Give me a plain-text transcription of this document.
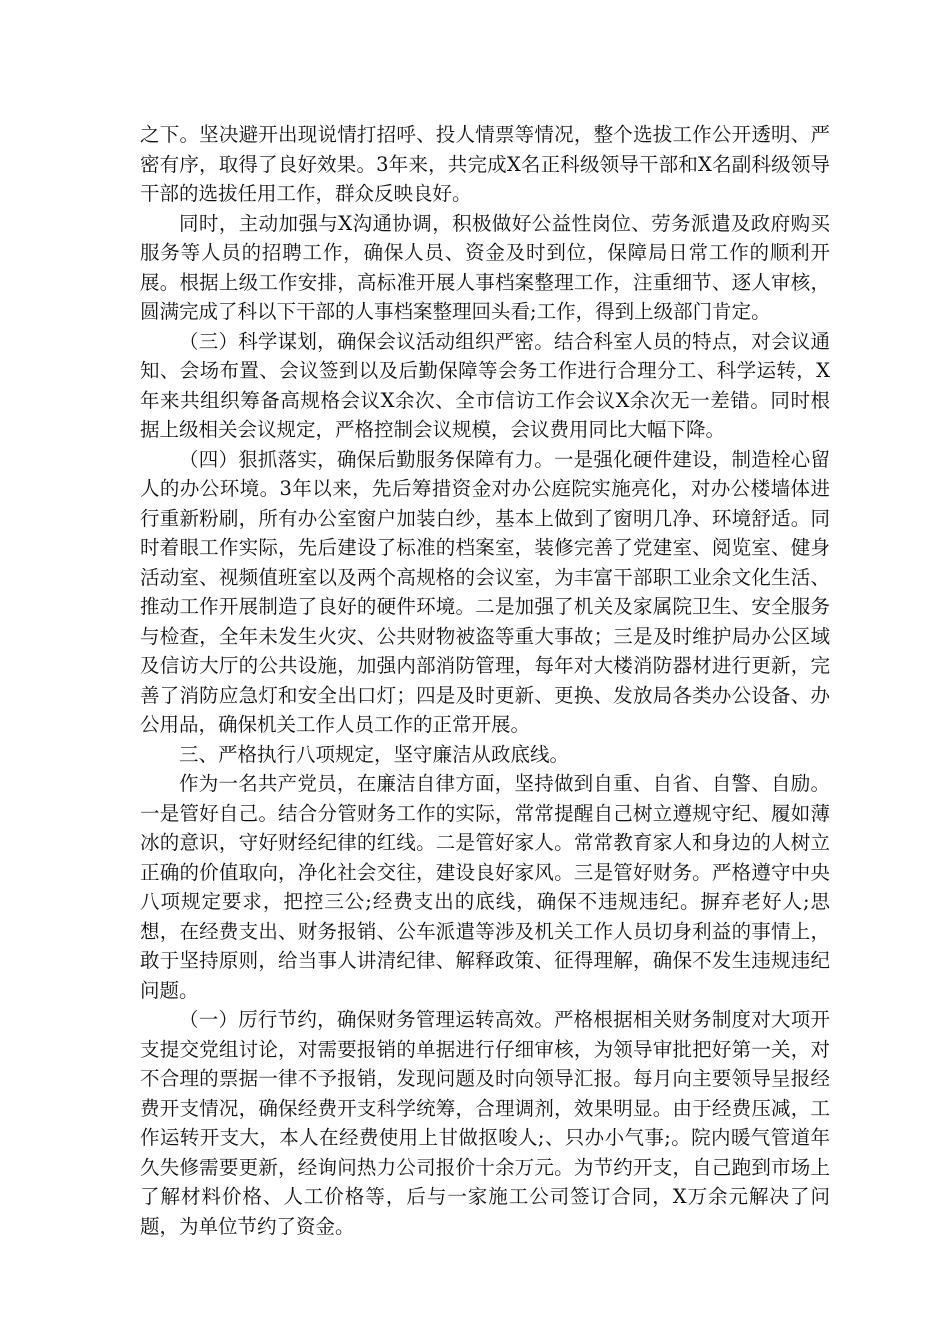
之下。坚决避开出现说情打招呼、投人情票等情况，整个选拔工作公开透明、严密有序，取得了良好效果。3年来，共完成X名正科级领导干部和X名副科级领导干部的选拔任用工作，群众反映良好。

同时，主动加强与X沟通协调，积极做好公益性岗位、劳务派遣及政府购买服务等人员的招聘工作，确保人员、资金及时到位，保障局日常工作的顺利开展。根据上级工作安排，高标准开展人事档案整理工作，注重细节、逐人审核，圆满完成了科以下干部的人事档案整理回头看;工作，得到上级部门肯定。

（三）科学谋划，确保会议活动组织严密。结合科室人员的特点，对会议通知、会场布置、会议签到以及后勤保障等会务工作进行合理分工、科学运转，X年来共组织筹备高规格会议X余次、全市信访工作会议X余次无一差错。同时根据上级相关会议规定，严格控制会议规模，会议费用同比大幅下降。

（四）狠抓落实，确保后勤服务保障有力。一是强化硬件建设，制造栓心留人的办公环境。3年以来，先后筹措资金对办公庭院实施亮化，对办公楼墙体进行重新粉刷，所有办公室窗户加装白纱，基本上做到了窗明几净、环境舒适。同时着眼工作实际，先后建设了标准的档案室，装修完善了党建室、阅览室、健身活动室、视频值班室以及两个高规格的会议室，为丰富干部职工业余文化生活、推动工作开展制造了良好的硬件环境。二是加强了机关及家属院卫生、安全服务与检查，全年未发生火灾、公共财物被盗等重大事故；三是及时维护局办公区域及信访大厅的公共设施，加强内部消防管理，每年对大楼消防器材进行更新，完善了消防应急灯和安全出口灯；四是及时更新、更换、发放局各类办公设备、办公用品，确保机关工作人员工作的正常开展。

三、严格执行八项规定，坚守廉洁从政底线。

作为一名共产党员，在廉洁自律方面，坚持做到自重、自省、自警、自励。一是管好自己。结合分管财务工作的实际，常常提醒自己树立遵规守纪、履如薄冰的意识，守好财经纪律的红线。二是管好家人。常常教育家人和身边的人树立正确的价值取向，净化社会交往，建设良好家风。三是管好财务。严格遵守中央八项规定要求，把控三公;经费支出的底线，确保不违规违纪。摒弃老好人;思想，在经费支出、财务报销、公车派遣等涉及机关工作人员切身利益的事情上，敢于坚持原则，给当事人讲清纪律、解释政策、征得理解，确保不发生违规违纪问题。

（一）厉行节约，确保财务管理运转高效。严格根据相关财务制度对大项开支提交党组讨论，对需要报销的单据进行仔细审核，为领导审批把好第一关，对不合理的票据一律不予报销，发现问题及时向领导汇报。每月向主要领导呈报经费开支情况，确保经费开支科学统筹，合理调剂，效果明显。由于经费压减，工作运转开支大，本人在经费使用上甘做抠唆人;、只办小气事;。院内暖气管道年久失修需要更新，经询问热力公司报价十余万元。为节约开支，自己跑到市场上了解材料价格、人工价格等，后与一家施工公司签订合同，X万余元解决了问题，为单位节约了资金。
